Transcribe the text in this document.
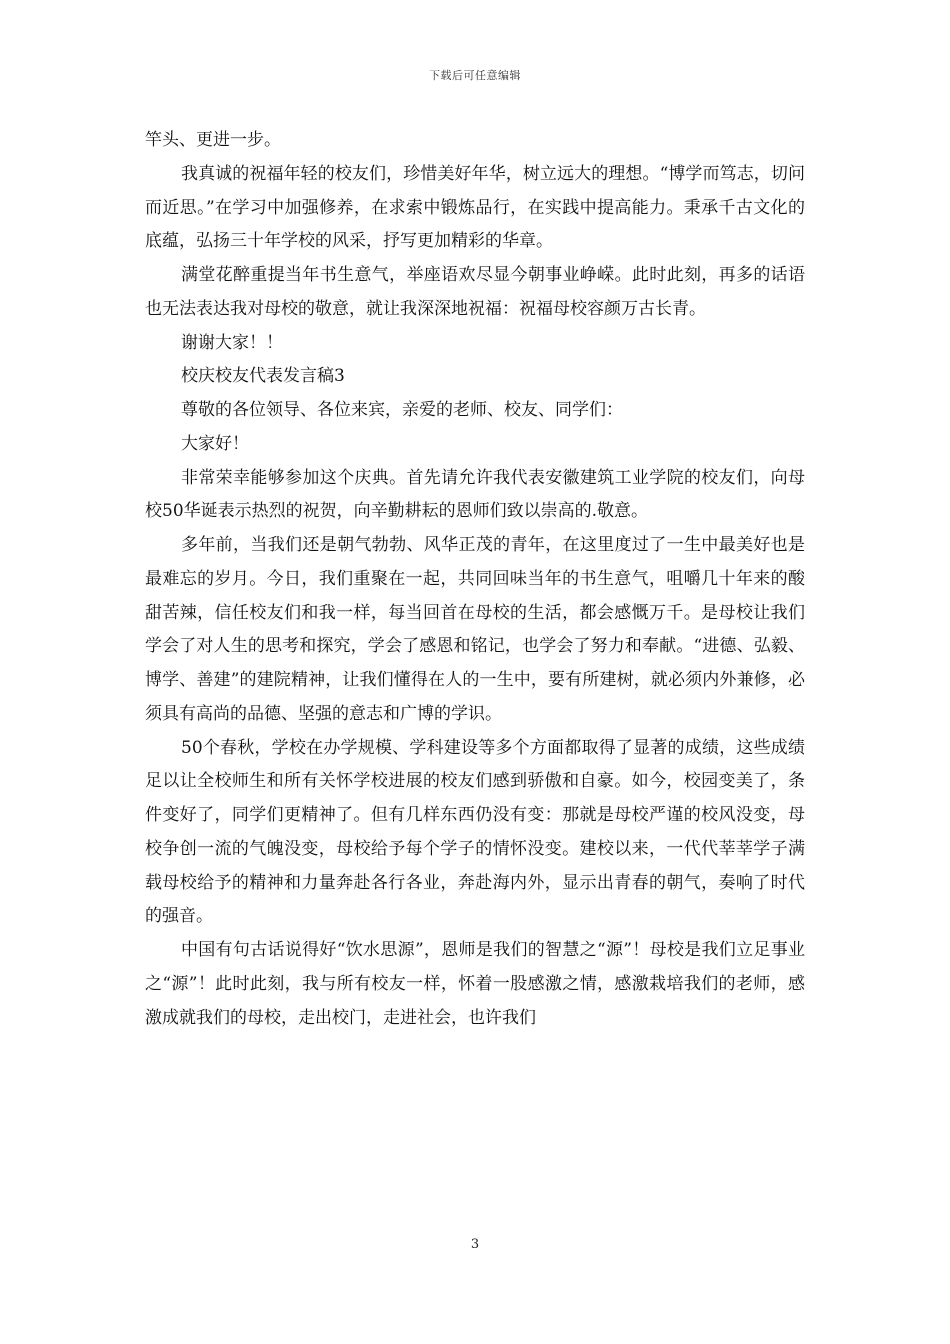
下载后可任意编辑

竿头、更进一步。

我真诚的祝福年轻的校友们，珍惜美好年华，树立远大的理想。“博学而笃志，切问而近思。”在学习中加强修养，在求索中锻炼品行，在实践中提高能力。秉承千古文化的底蕴，弘扬三十年学校的风采，抒写更加精彩的华章。

满堂花醉重提当年书生意气，举座语欢尽显今朝事业峥嵘。此时此刻，再多的话语也无法表达我对母校的敬意，就让我深深地祝福：祝福母校容颜万古长青。

谢谢大家！！

校庆校友代表发言稿3

尊敬的各位领导、各位来宾，亲爱的老师、校友、同学们：

大家好！

非常荣幸能够参加这个庆典。首先请允许我代表安徽建筑工业学院的校友们，向母校50华诞表示热烈的祝贺，向辛勤耕耘的恩师们致以崇高的.敬意。

多年前，当我们还是朝气勃勃、风华正茂的青年，在这里度过了一生中最美好也是最难忘的岁月。今日，我们重聚在一起，共同回味当年的书生意气，咀嚼几十年来的酸甜苦辣，信任校友们和我一样，每当回首在母校的生活，都会感慨万千。是母校让我们学会了对人生的思考和探究，学会了感恩和铭记，也学会了努力和奉献。“进德、弘毅、博学、善建”的建院精神，让我们懂得在人的一生中，要有所建树，就必须内外兼修，必须具有高尚的品德、坚强的意志和广博的学识。

50个春秋，学校在办学规模、学科建设等多个方面都取得了显著的成绩，这些成绩足以让全校师生和所有关怀学校进展的校友们感到骄傲和自豪。如今，校园变美了，条件变好了，同学们更精神了。但有几样东西仍没有变：那就是母校严谨的校风没变，母校争创一流的气魄没变，母校给予每个学子的情怀没变。建校以来，一代代莘莘学子满载母校给予的精神和力量奔赴各行各业，奔赴海内外，显示出青春的朝气，奏响了时代的强音。

中国有句古话说得好“饮水思源”，恩师是我们的智慧之“源”！母校是我们立足事业之“源”！此时此刻，我与所有校友一样，怀着一股感激之情，感激栽培我们的老师，感激成就我们的母校，走出校门，走进社会，也许我们

3
